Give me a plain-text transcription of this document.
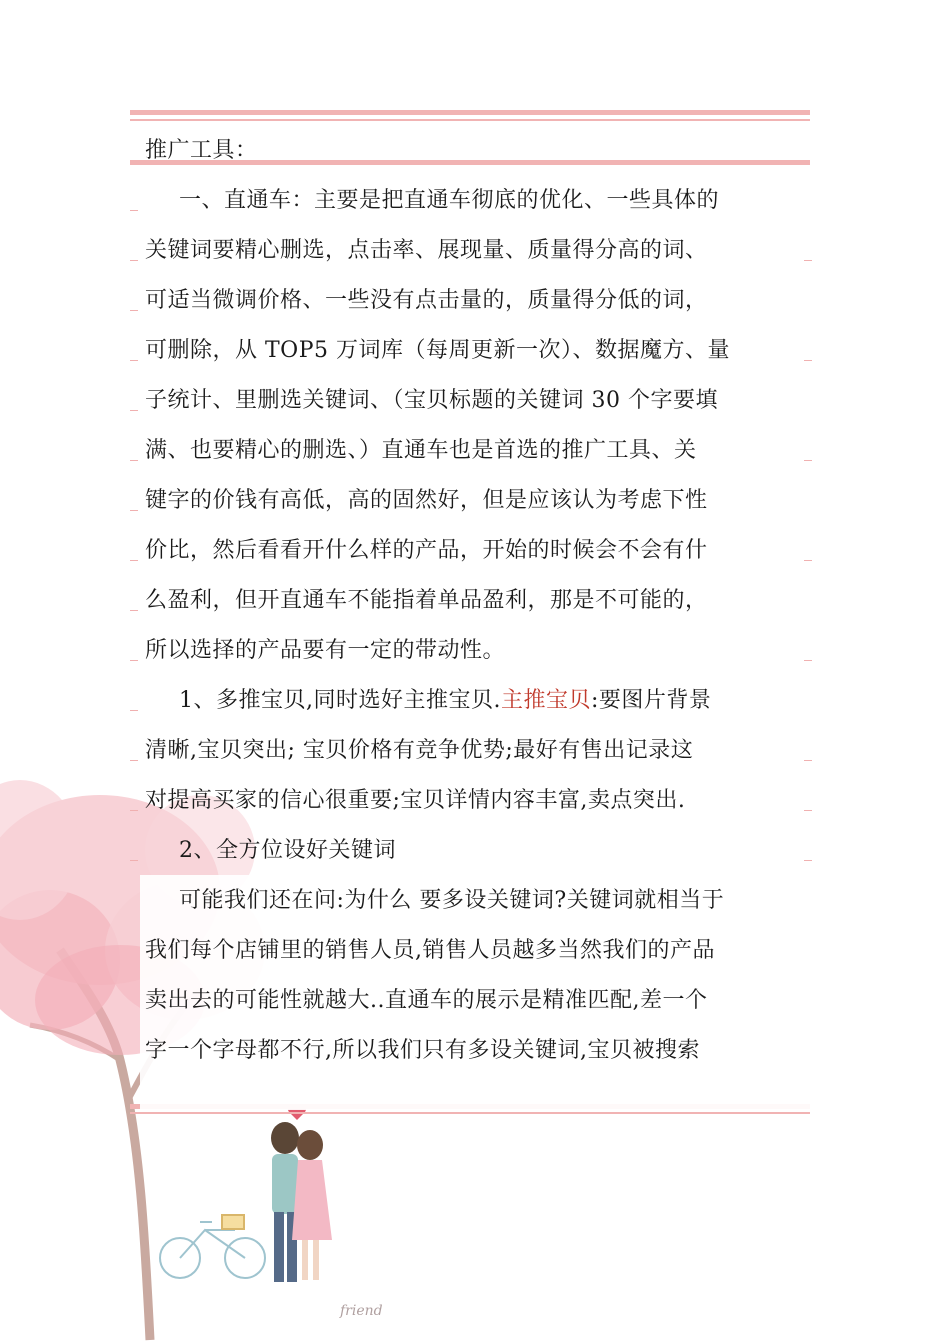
friend
推广工具：
一、直通车：主要是把直通车彻底的优化、一些具体的
关键词要精心删选，点击率、展现量、质量得分高的词、
可适当微调价格、一些没有点击量的，质量得分低的词，
可删除，从 TOP5 万词库（每周更新一次）、数据魔方、量
子统计、里删选关键词、（宝贝标题的关键词 30 个字要填
满、也要精心的删选、）直通车也是首选的推广工具、关
键字的价钱有高低，高的固然好，但是应该认为考虑下性
价比，然后看看开什么样的产品，开始的时候会不会有什
么盈利，但开直通车不能指着单品盈利，那是不可能的，
所以选择的产品要有一定的带动性。
1、多推宝贝,同时选好主推宝贝.主推宝贝:要图片背景
清晰,宝贝突出; 宝贝价格有竞争优势;最好有售出记录这
对提高买家的信心很重要;宝贝详情内容丰富,卖点突出.
2、全方位设好关键词
可能我们还在问:为什么 要多设关键词?关键词就相当于
我们每个店铺里的销售人员,销售人员越多当然我们的产品
卖出去的可能性就越大..直通车的展示是精准匹配,差一个
字一个字母都不行,所以我们只有多设关键词,宝贝被搜索
